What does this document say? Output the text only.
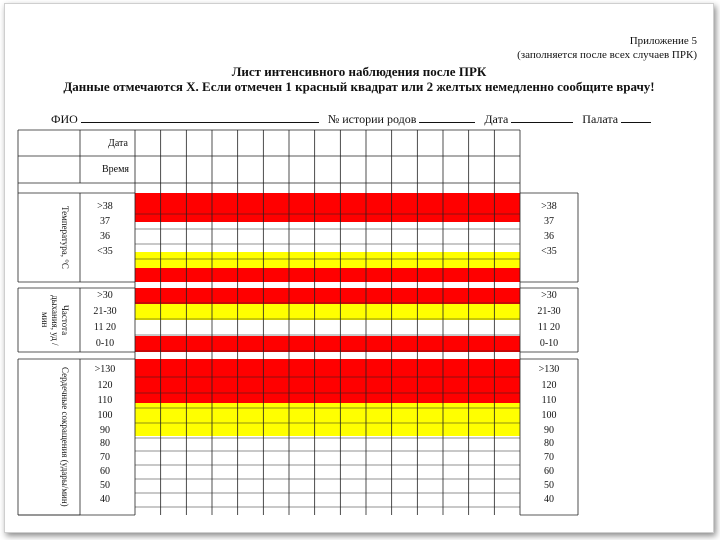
Приложение 5
(заполняется после всех случаев ПРК)
Лист интенсивного наблюдения после ПРК
Данные отмечаются Х. Если отмечен 1 красный квадрат или 2 желтых немедленно сообщите врачу!
ФИО	№ истории родов	Дата	Палата
Дата
Время
>38	>38
37	37
36	36
<35	<35
Температура, °С
>30	>30
21-30	21-30
11 20	11 20
0-10	0-10
Частота дыхания, уд / мин
>130	>130
120	120
110	110
100	100
90	90
80	80
70	70
60	60
50	50
40	40
Сердечные сокращения (удары/мин)
